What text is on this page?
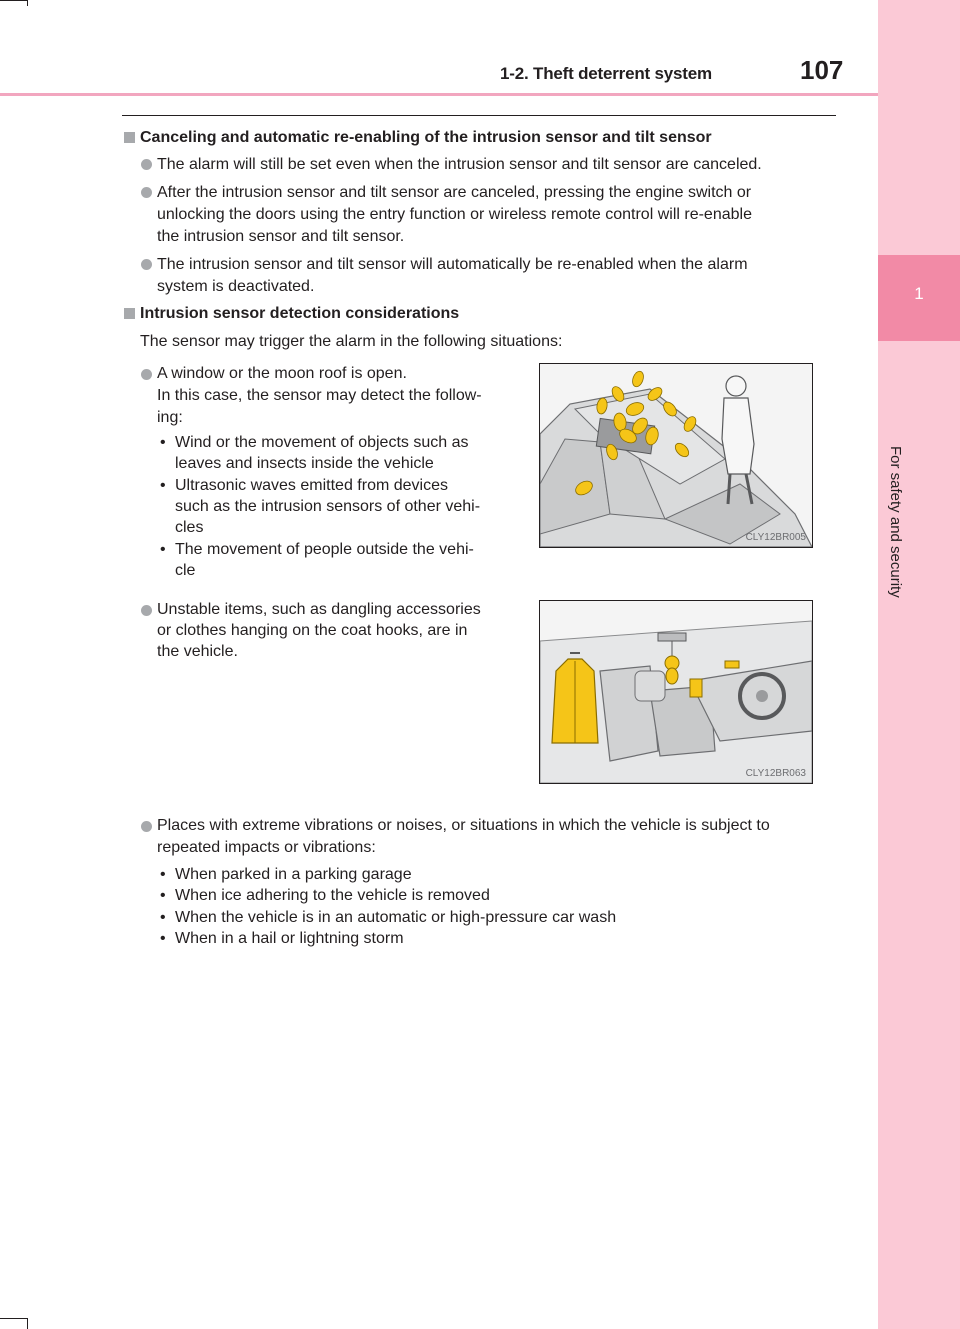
1-2. Theft deterrent system	107
1
For safety and security
Canceling and automatic re-enabling of the intrusion sensor and tilt sensor
The alarm will still be set even when the intrusion sensor and tilt sensor are canceled.
After the intrusion sensor and tilt sensor are canceled, pressing the engine switch or
unlocking the doors using the entry function or wireless remote control will re-enable
the intrusion sensor and tilt sensor.
The intrusion sensor and tilt sensor will automatically be re-enabled when the alarm
system is deactivated.
Intrusion sensor detection considerations
The sensor may trigger the alarm in the following situations:
A window or the moon roof is open.
In this case, the sensor may detect the follow-
ing:
• Wind or the movement of objects such as
leaves and insects inside the vehicle
• Ultrasonic waves emitted from devices
such as the intrusion sensors of other vehi-
cles
• The movement of people outside the vehi-
cle
CLY12BR005
Unstable items, such as dangling accessories
or clothes hanging on the coat hooks, are in
the vehicle.
CLY12BR063
Places with extreme vibrations or noises, or situations in which the vehicle is subject to
repeated impacts or vibrations:
• When parked in a parking garage
• When ice adhering to the vehicle is removed
• When the vehicle is in an automatic or high-pressure car wash
• When in a hail or lightning storm
